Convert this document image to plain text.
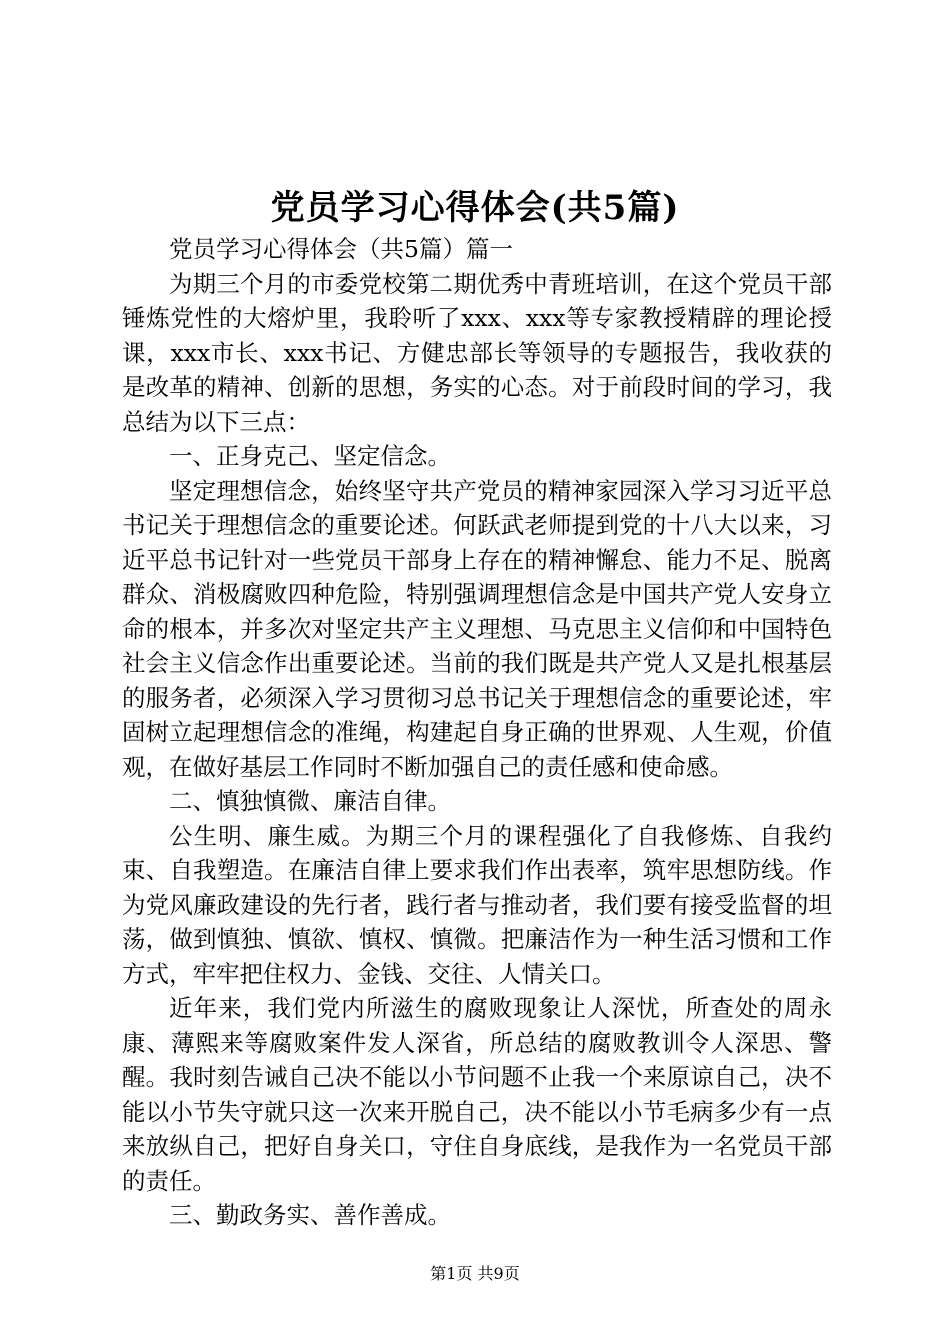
党员学习心得体会(共5篇)

党员学习心得体会（共5篇）篇一

为期三个月的市委党校第二期优秀中青班培训，在这个党员干部锤炼党性的大熔炉里，我聆听了xxx、xxx等专家教授精辟的理论授课，xxx市长、xxx书记、方健忠部长等领导的专题报告，我收获的是改革的精神、创新的思想，务实的心态。对于前段时间的学习，我总结为以下三点：

一、正身克己、坚定信念。

坚定理想信念，始终坚守共产党员的精神家园深入学习习近平总书记关于理想信念的重要论述。何跃武老师提到党的十八大以来，习近平总书记针对一些党员干部身上存在的精神懈怠、能力不足、脱离群众、消极腐败四种危险，特别强调理想信念是中国共产党人安身立命的根本，并多次对坚定共产主义理想、马克思主义信仰和中国特色社会主义信念作出重要论述。当前的我们既是共产党人又是扎根基层的服务者，必须深入学习贯彻习总书记关于理想信念的重要论述，牢固树立起理想信念的准绳，构建起自身正确的世界观、人生观，价值观，在做好基层工作同时不断加强自己的责任感和使命感。

二、慎独慎微、廉洁自律。

公生明、廉生威。为期三个月的课程强化了自我修炼、自我约束、自我塑造。在廉洁自律上要求我们作出表率，筑牢思想防线。作为党风廉政建设的先行者，践行者与推动者，我们要有接受监督的坦荡，做到慎独、慎欲、慎权、慎微。把廉洁作为一种生活习惯和工作方式，牢牢把住权力、金钱、交往、人情关口。

近年来，我们党内所滋生的腐败现象让人深忧，所查处的周永康、薄熙来等腐败案件发人深省，所总结的腐败教训令人深思、警醒。我时刻告诫自己决不能以小节问题不止我一个来原谅自己，决不能以小节失守就只这一次来开脱自己，决不能以小节毛病多少有一点来放纵自己，把好自身关口，守住自身底线，是我作为一名党员干部的责任。

三、勤政务实、善作善成。

第1页 共9页
